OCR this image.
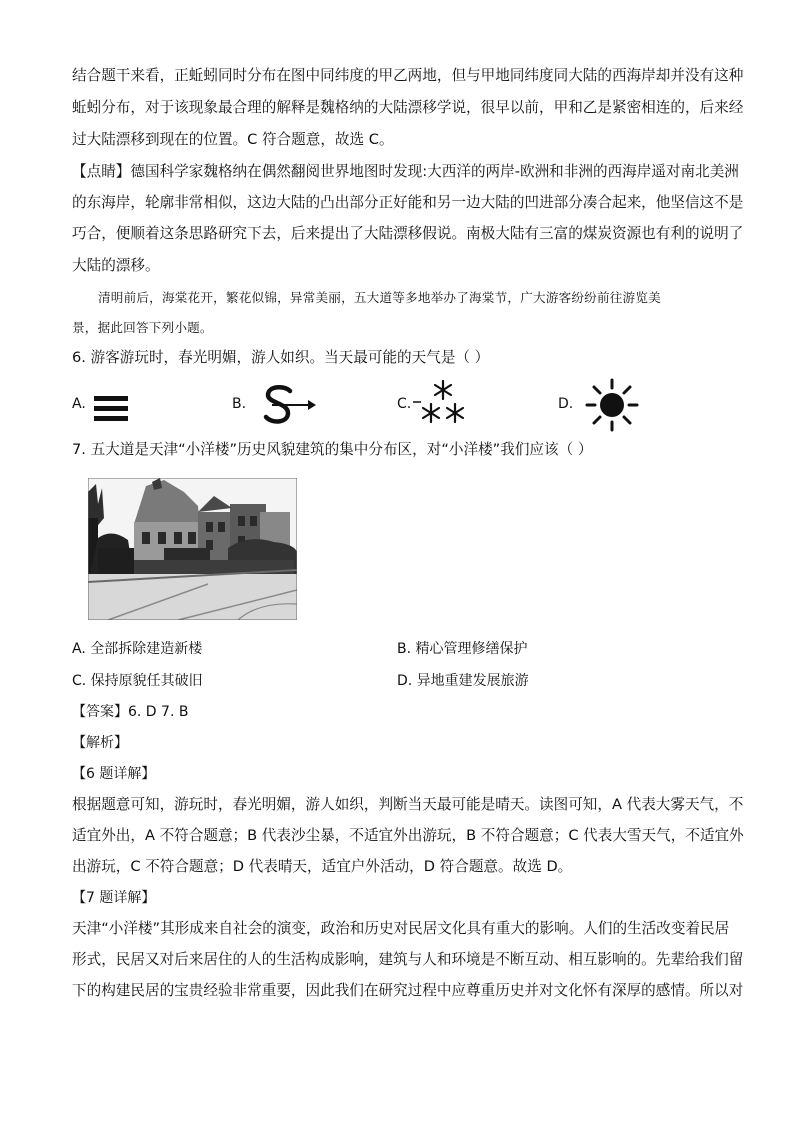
结合题干来看，正蚯蚓同时分布在图中同纬度的甲乙两地，但与甲地同纬度同大陆的西海岸却并没有这种
蚯蚓分布，对于该现象最合理的解释是魏格纳的大陆漂移学说，很早以前，甲和乙是紧密相连的，后来经
过大陆漂移到现在的位置。C 符合题意，故选 C。
【点睛】德国科学家魏格纳在偶然翻阅世界地图时发现:大西洋的两岸-欧洲和非洲的西海岸遥对南北美洲
的东海岸，轮廓非常相似，这边大陆的凸出部分正好能和另一边大陆的凹进部分凑合起来，他坚信这不是
巧合，便顺着这条思路研究下去，后来提出了大陆漂移假说。南极大陆有三富的煤炭资源也有利的说明了
大陆的漂移。
清明前后，海棠花开，繁花似锦，异常美丽，五大道等多地举办了海棠节，广大游客纷纷前往游览美
景，据此回答下列小题。
6. 游客游玩时，春光明媚，游人如织。当天最可能的天气是（ ）
A.	B.	C.	D.
7. 五大道是天津“小洋楼”历史风貌建筑的集中分布区，对“小洋楼”我们应该（ ）
A. 全部拆除建造新楼	B. 精心管理修缮保护
C. 保持原貌任其破旧	D. 异地重建发展旅游
【答案】6. D 7. B
【解析】
【6 题详解】
根据题意可知，游玩时，春光明媚，游人如织，判断当天最可能是晴天。读图可知，A 代表大雾天气，不
适宜外出，A 不符合题意；B 代表沙尘暴，不适宜外出游玩，B 不符合题意；C 代表大雪天气，不适宜外
出游玩，C 不符合题意；D 代表晴天，适宜户外活动，D 符合题意。故选 D。
【7 题详解】
天津“小洋楼”其形成来自社会的演变，政治和历史对民居文化具有重大的影响。人们的生活改变着民居
形式，民居又对后来居住的人的生活构成影响，建筑与人和环境是不断互动、相互影响的。先辈给我们留
下的构建民居的宝贵经验非常重要，因此我们在研究过程中应尊重历史并对文化怀有深厚的感情。所以对
